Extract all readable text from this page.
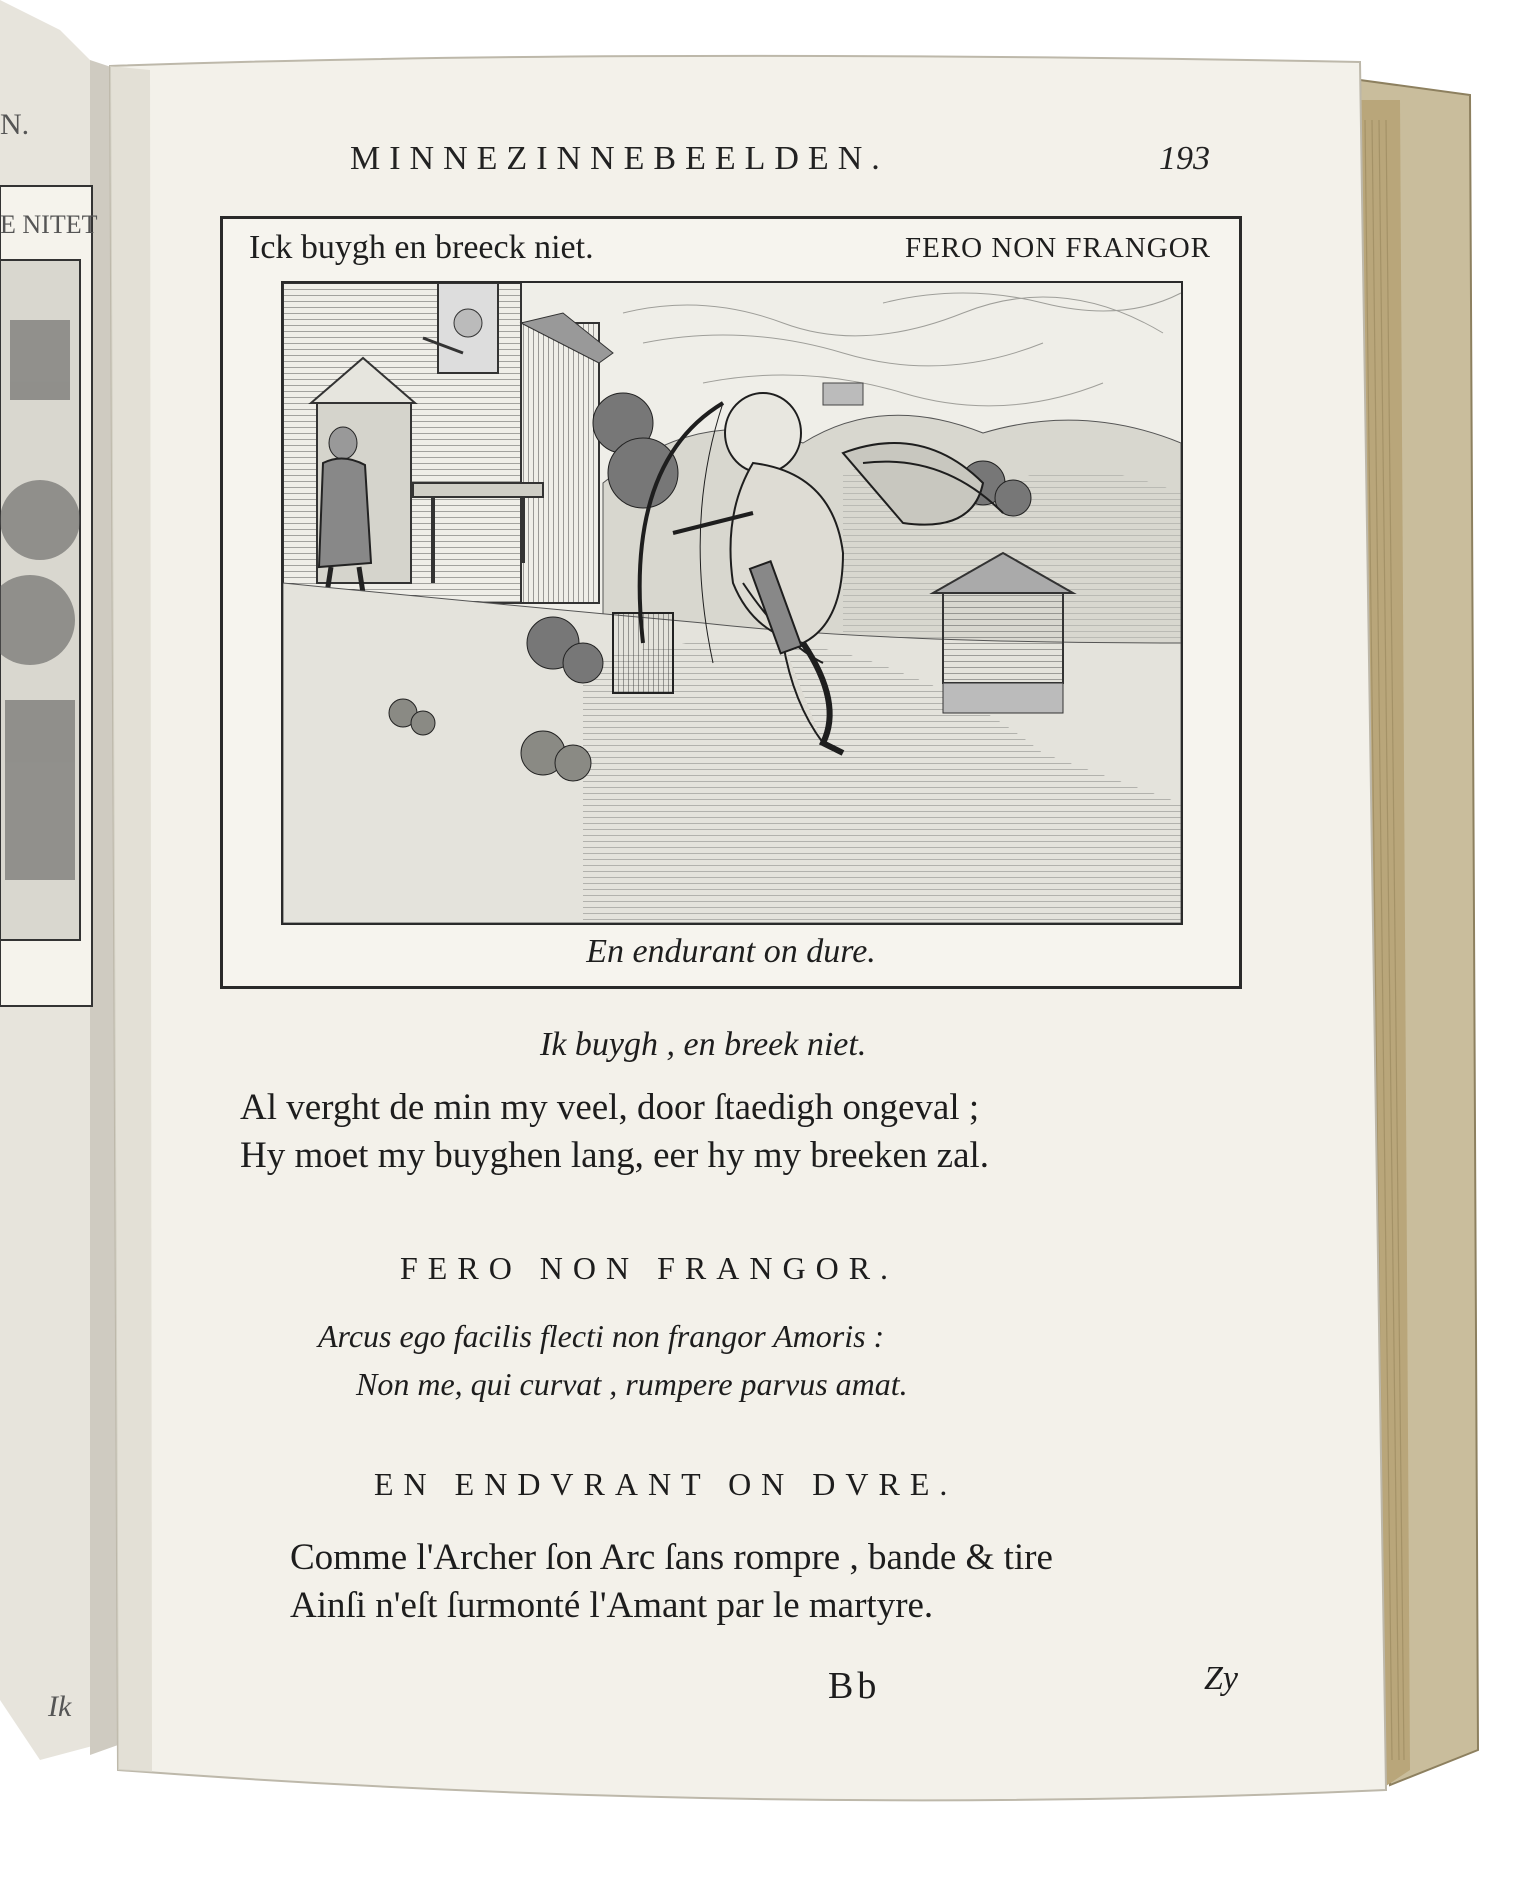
N.
E NITET
Ik
MINNEZINNEBEELDEN.	193
Ick buygh en breeck niet.	FERO NON FRANGOR
En endurant on dure.
Ik buygh , en breek niet.
Al verght de min my veel, door ſtaedigh ongeval ;
Hy moet my buyghen lang, eer hy my breeken zal.
FERO NON FRANGOR.
Arcus ego facilis flecti non frangor Amoris :
Non me, qui curvat , rumpere parvus amat.
EN ENDVRANT ON DVRE.
Comme l'Archer ſon Arc ſans rompre , bande & tire
Ainſi n'eſt ſurmonté l'Amant par le martyre.
Bb	Zy
